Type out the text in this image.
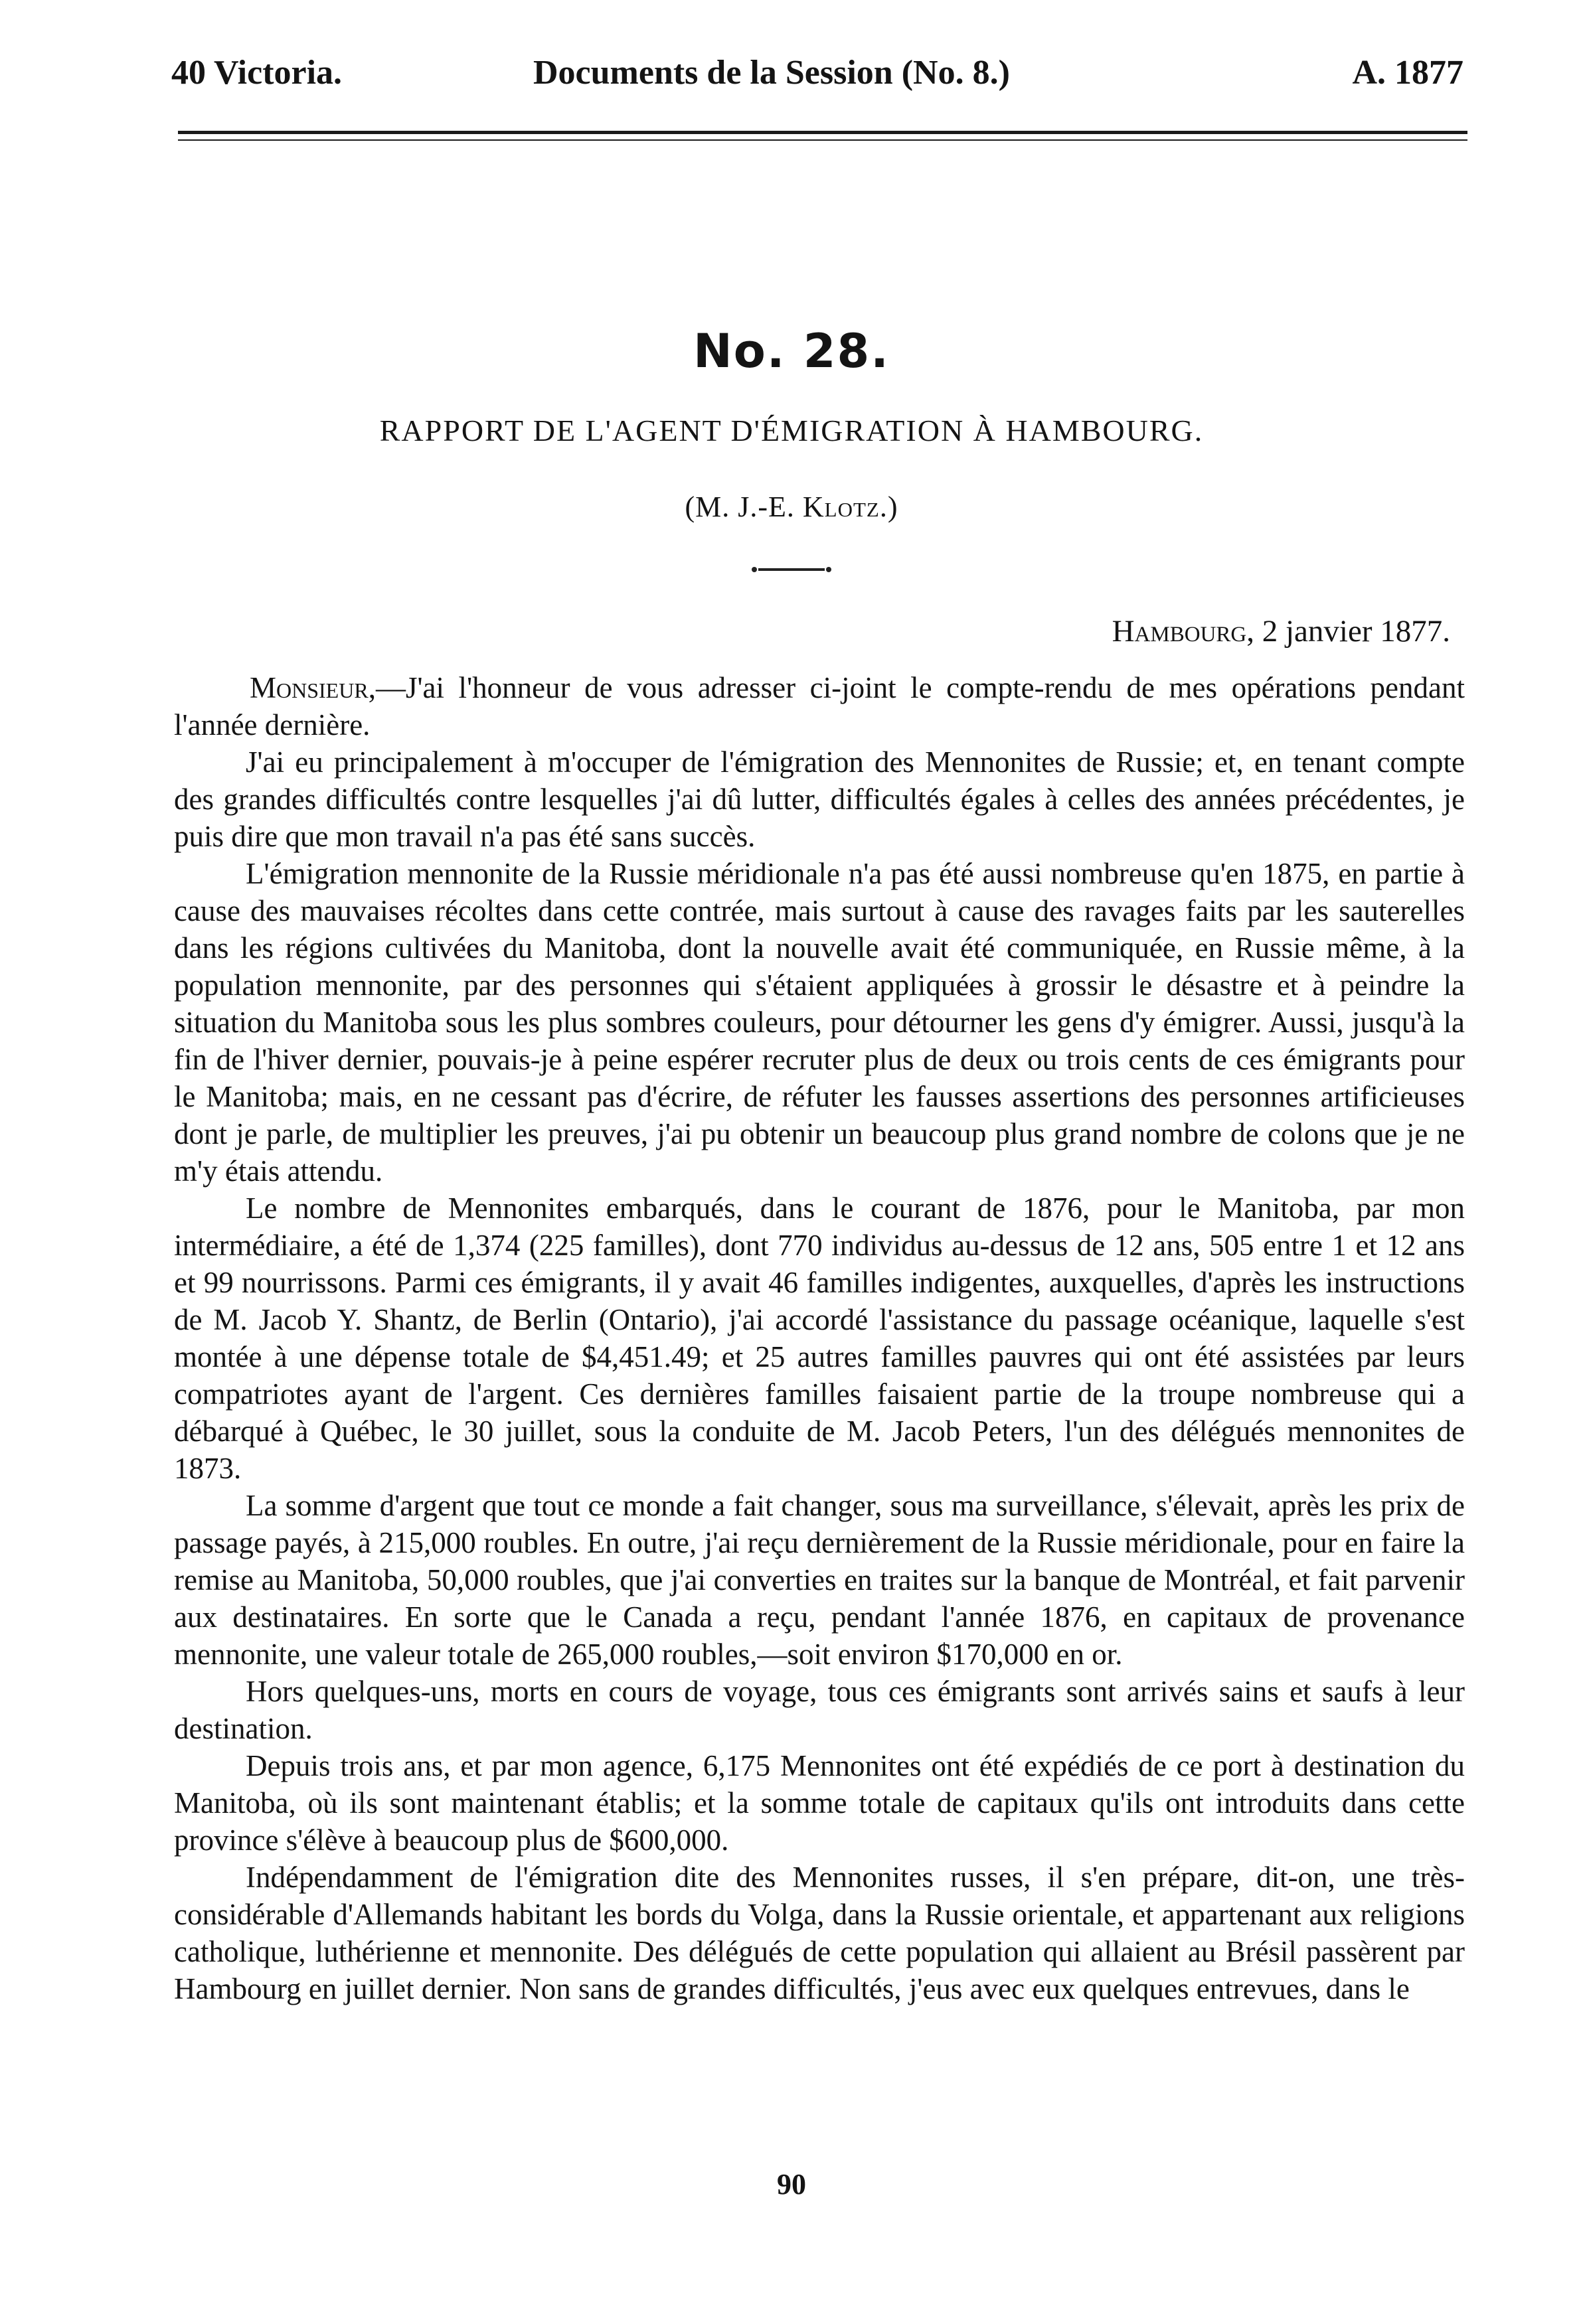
40 Victoria.	Documents de la Session (No. 8.)	A. 1877
No. 28.
RAPPORT DE L'AGENT D'ÉMIGRATION À HAMBOURG.
(M. J.-E. Klotz.)
Hambourg, 2 janvier 1877.

Monsieur,—J'ai l'honneur de vous adresser ci-joint le compte-rendu de mes opérations pendant l'année dernière.

J'ai eu principalement à m'occuper de l'émigration des Mennonites de Russie; et, en tenant compte des grandes difficultés contre lesquelles j'ai dû lutter, difficultés égales à celles des années précédentes, je puis dire que mon travail n'a pas été sans succès.

L'émigration mennonite de la Russie méridionale n'a pas été aussi nombreuse qu'en 1875, en partie à cause des mauvaises récoltes dans cette contrée, mais surtout à cause des ravages faits par les sauterelles dans les régions cultivées du Manitoba, dont la nouvelle avait été communiquée, en Russie même, à la population mennonite, par des personnes qui s'étaient appliquées à grossir le désastre et à peindre la situation du Manitoba sous les plus sombres couleurs, pour détourner les gens d'y émigrer. Aussi, jusqu'à la fin de l'hiver dernier, pouvais-je à peine espérer recruter plus de deux ou trois cents de ces émigrants pour le Manitoba; mais, en ne cessant pas d'écrire, de réfuter les fausses assertions des personnes artificieuses dont je parle, de multiplier les preuves, j'ai pu obtenir un beaucoup plus grand nombre de colons que je ne m'y étais attendu.

Le nombre de Mennonites embarqués, dans le courant de 1876, pour le Manitoba, par mon intermédiaire, a été de 1,374 (225 familles), dont 770 individus au-dessus de 12 ans, 505 entre 1 et 12 ans et 99 nourrissons. Parmi ces émigrants, il y avait 46 familles indigentes, auxquelles, d'après les instructions de M. Jacob Y. Shantz, de Berlin (Ontario), j'ai accordé l'assistance du passage océanique, laquelle s'est montée à une dépense totale de $4,451.49; et 25 autres familles pauvres qui ont été assistées par leurs compatriotes ayant de l'argent. Ces dernières familles faisaient partie de la troupe nombreuse qui a débarqué à Québec, le 30 juillet, sous la conduite de M. Jacob Peters, l'un des délégués mennonites de 1873.

La somme d'argent que tout ce monde a fait changer, sous ma surveillance, s'élevait, après les prix de passage payés, à 215,000 roubles. En outre, j'ai reçu dernièrement de la Russie méridionale, pour en faire la remise au Manitoba, 50,000 roubles, que j'ai converties en traites sur la banque de Montréal, et fait parvenir aux destinataires. En sorte que le Canada a reçu, pendant l'année 1876, en capitaux de provenance mennonite, une valeur totale de 265,000 roubles,—soit environ $170,000 en or.

Hors quelques-uns, morts en cours de voyage, tous ces émigrants sont arrivés sains et saufs à leur destination.

Depuis trois ans, et par mon agence, 6,175 Mennonites ont été expédiés de ce port à destination du Manitoba, où ils sont maintenant établis; et la somme totale de capitaux qu'ils ont introduits dans cette province s'élève à beaucoup plus de $600,000.

Indépendamment de l'émigration dite des Mennonites russes, il s'en prépare, dit-on, une très-considérable d'Allemands habitant les bords du Volga, dans la Russie orientale, et appartenant aux religions catholique, luthérienne et mennonite. Des délégués de cette population qui allaient au Brésil passèrent par Hambourg en juillet dernier. Non sans de grandes difficultés, j'eus avec eux quelques entrevues, dans le

90
